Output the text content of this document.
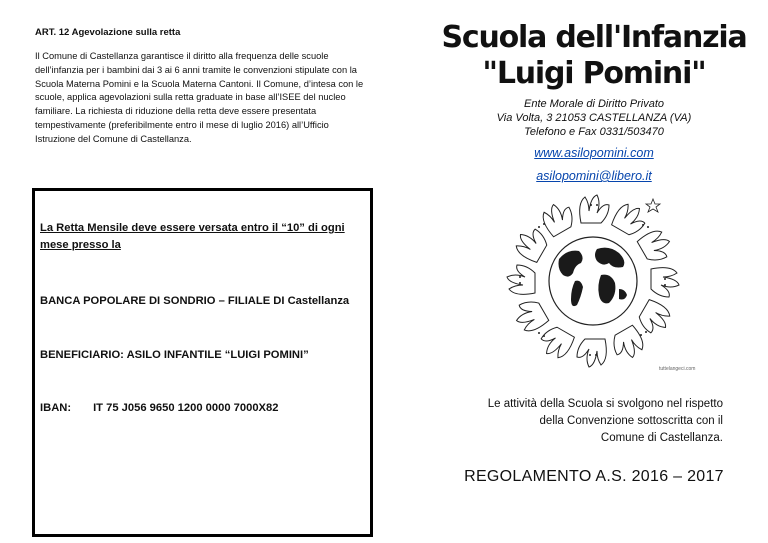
ART. 12 Agevolazione sulla retta
Il Comune di Castellanza garantisce il diritto alla frequenza delle scuole dell’infanzia per i bambini dai 3 ai 6 anni tramite le convenzioni stipulate con la Scuola Materna Pomini e la Scuola Materna Cantoni. Il Comune, d’intesa con le scuole, applica agevolazioni sulla retta graduate in base all’ISEE del nucleo familiare. La richiesta di riduzione della retta deve essere presentata tempestivamente (preferibilmente entro il mese di luglio 2016) all’Ufficio Istruzione del Comune di Castellanza.
La Retta Mensile deve essere versata entro il “10” di ogni mese presso la
BANCA POPOLARE DI SONDRIO – FILIALE DI Castellanza
BENEFICIARIO: ASILO INFANTILE “LUIGI POMINI”
IBAN: IT 75 J056 9650 1200 0000 7000X82
Scuola dell'Infanzia
"Luigi Pomini"
Ente Morale di Diritto Privato
Via Volta, 3 21053 CASTELLANZA (VA)
Telefono e Fax 0331/503470
www.asilopomini.com
asilopomini@libero.it
tuttelangeci.com
Le attività della Scuola si svolgono nel rispetto
della Convenzione sottoscritta con il
Comune di Castellanza.
REGOLAMENTO A.S. 2016 – 2017
